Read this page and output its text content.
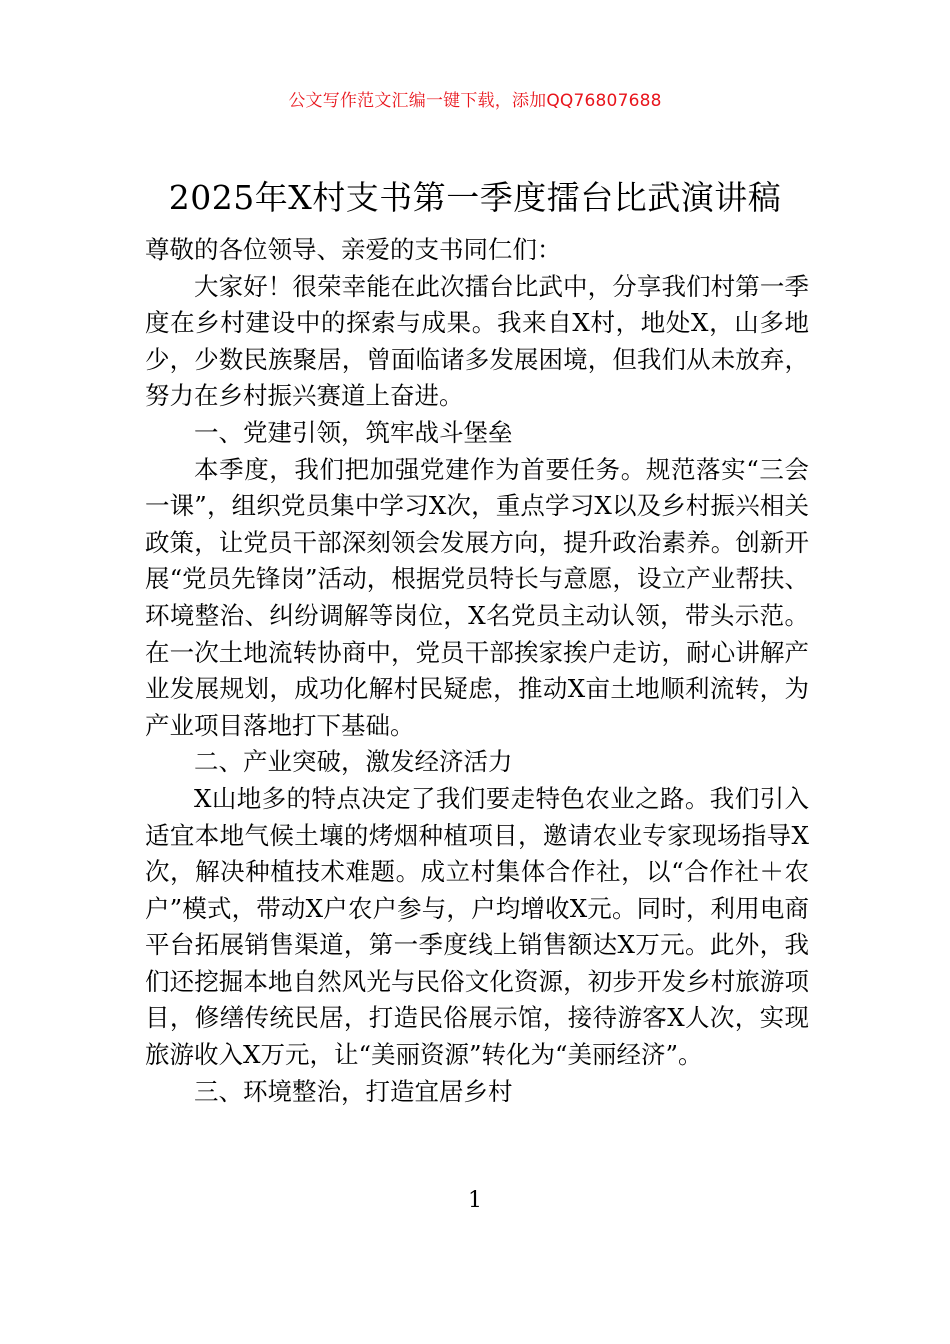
公文写作范文汇编一键下载，添加QQ76807688
2025年X村支书第一季度擂台比武演讲稿

尊敬的各位领导、亲爱的支书同仁们：

大家好！很荣幸能在此次擂台比武中，分享我们村第一季度在乡村建设中的探索与成果。我来自X村，地处X，山多地少，少数民族聚居，曾面临诸多发展困境，但我们从未放弃，努力在乡村振兴赛道上奋进。

一、党建引领，筑牢战斗堡垒

本季度，我们把加强党建作为首要任务。规范落实“三会一课”，组织党员集中学习X次，重点学习X以及乡村振兴相关政策，让党员干部深刻领会发展方向，提升政治素养。创新开展“党员先锋岗”活动，根据党员特长与意愿，设立产业帮扶、环境整治、纠纷调解等岗位，X名党员主动认领，带头示范。在一次土地流转协商中，党员干部挨家挨户走访，耐心讲解产业发展规划，成功化解村民疑虑，推动X亩土地顺利流转，为产业项目落地打下基础。

二、产业突破，激发经济活力

X山地多的特点决定了我们要走特色农业之路。我们引入适宜本地气候土壤的烤烟种植项目，邀请农业专家现场指导X次，解决种植技术难题。成立村集体合作社，以“合作社＋农户”模式，带动X户农户参与，户均增收X元。同时，利用电商平台拓展销售渠道，第一季度线上销售额达X万元。此外，我们还挖掘本地自然风光与民俗文化资源，初步开发乡村旅游项目，修缮传统民居，打造民俗展示馆，接待游客X人次，实现旅游收入X万元，让“美丽资源”转化为“美丽经济”。

三、环境整治，打造宜居乡村

1
